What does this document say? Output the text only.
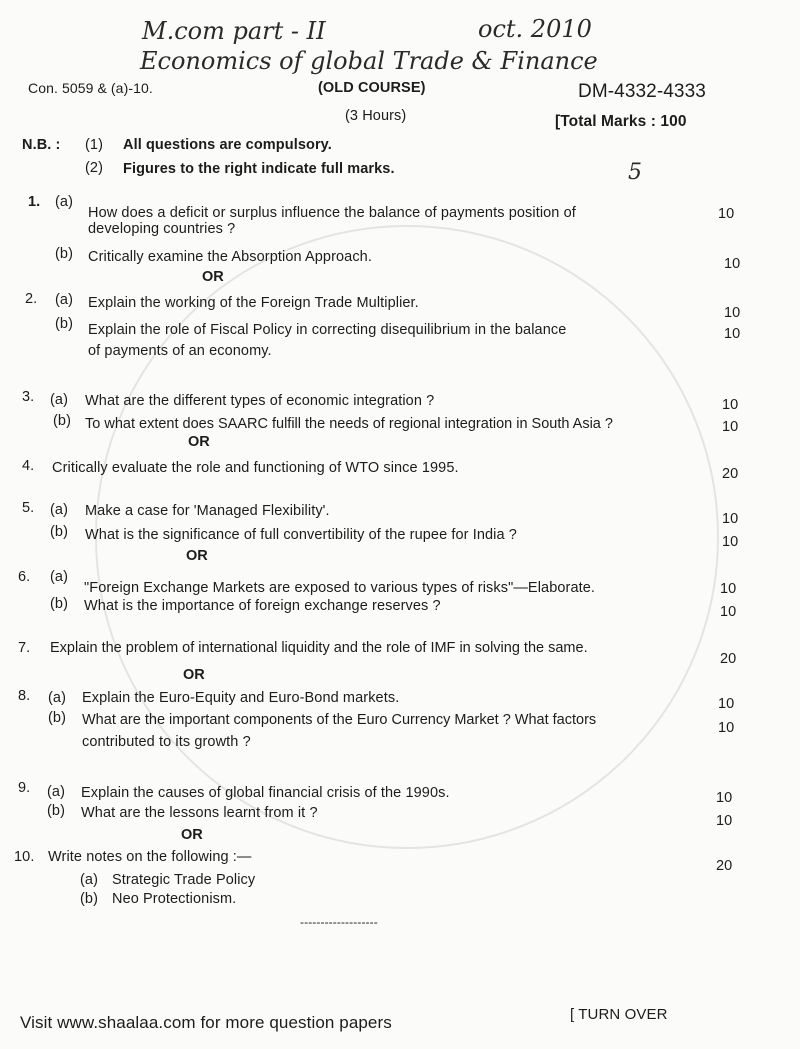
M.com part - II	oct. 2010
Economics of global Trade & Finance
5
Con. 5059 & (a)-10.	(OLD COURSE)	DM-4332-4333
(3 Hours)	[Total Marks : 100
N.B. : (1) All questions are compulsory.
(2) Figures to the right indicate full marks.
1. (a)
How does a deficit or surplus influence the balance of payments position of
developing countries ?
10
(b) Critically examine the Absorption Approach.	10
OR
2. (a) Explain the working of the Foreign Trade Multiplier.
10
(b) Explain the role of Fiscal Policy in correcting disequilibrium in the balance
of payments of an economy.
10
3. (a) What are the different types of economic integration ?	10
(b) To what extent does SAARC fulfill the needs of regional integration in South Asia ?	10
OR
4. Critically evaluate the role and functioning of WTO since 1995.	20
5. (a) Make a case for 'Managed Flexibility'.	10
(b) What is the significance of full convertibility of the rupee for India ?	10
OR
6. (a)
"Foreign Exchange Markets are exposed to various types of risks"—Elaborate.	10
(b) What is the importance of foreign exchange reserves ?	10
7. Explain the problem of international liquidity and the role of IMF in solving the same.
20
OR
8. (a) Explain the Euro-Equity and Euro-Bond markets.	10
(b) What are the important components of the Euro Currency Market ? What factors
contributed to its growth ?
10
9. (a) Explain the causes of global financial crisis of the 1990s.	10
(b) What are the lessons learnt from it ?	10
OR
10. Write notes on the following :—
20
(a) Strategic Trade Policy
(b) Neo Protectionism.
-------------------
Visit www.shaalaa.com for more question papers	[ TURN OVER
